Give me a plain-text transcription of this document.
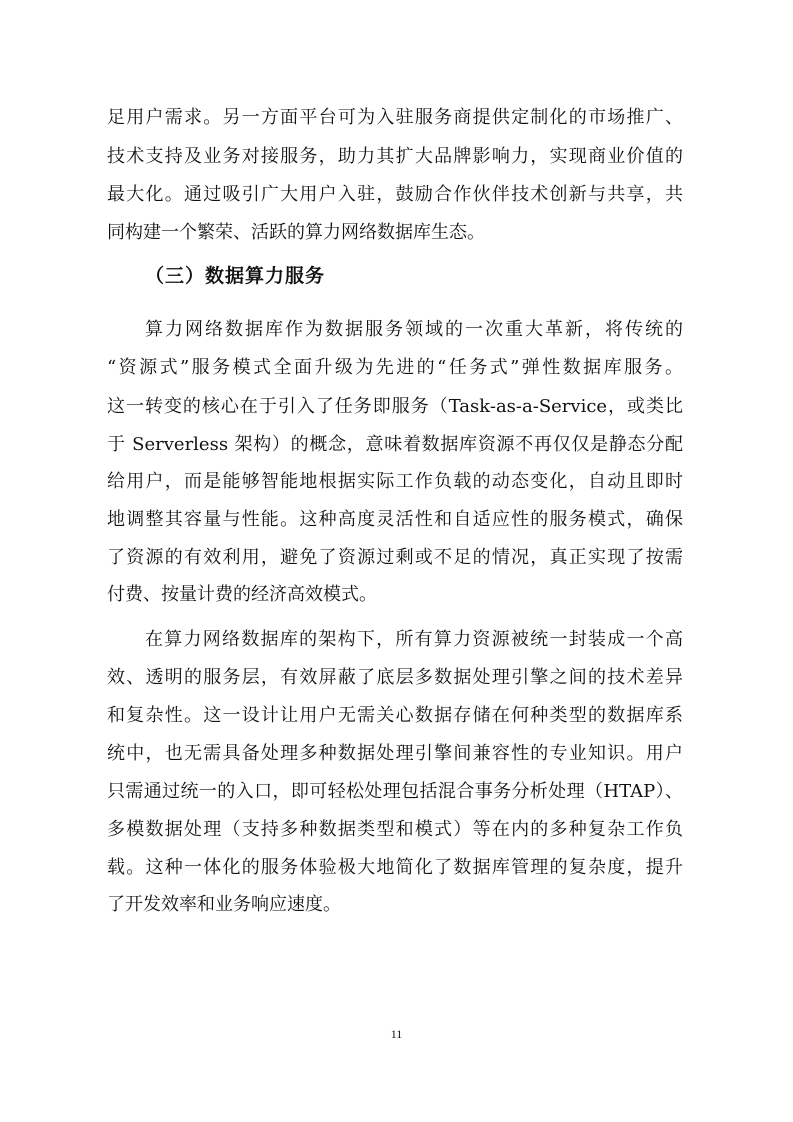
足用户需求。另一方面平台可为入驻服务商提供定制化的市场推广、
技术支持及业务对接服务，助力其扩大品牌影响力，实现商业价值的
最大化。通过吸引广大用户入驻，鼓励合作伙伴技术创新与共享，共
同构建一个繁荣、活跃的算力网络数据库生态。
（三）数据算力服务
算力网络数据库作为数据服务领域的一次重大革新，将传统的
“资源式”服务模式全面升级为先进的“任务式”弹性数据库服务。
这一转变的核心在于引入了任务即服务（Task-as-a-Service，或类比
于 Serverless 架构）的概念，意味着数据库资源不再仅仅是静态分配
给用户，而是能够智能地根据实际工作负载的动态变化，自动且即时
地调整其容量与性能。这种高度灵活性和自适应性的服务模式，确保
了资源的有效利用，避免了资源过剩或不足的情况，真正实现了按需
付费、按量计费的经济高效模式。
在算力网络数据库的架构下，所有算力资源被统一封装成一个高
效、透明的服务层，有效屏蔽了底层多数据处理引擎之间的技术差异
和复杂性。这一设计让用户无需关心数据存储在何种类型的数据库系
统中，也无需具备处理多种数据处理引擎间兼容性的专业知识。用户
只需通过统一的入口，即可轻松处理包括混合事务分析处理（HTAP）、
多模数据处理（支持多种数据类型和模式）等在内的多种复杂工作负
载。这种一体化的服务体验极大地简化了数据库管理的复杂度，提升
了开发效率和业务响应速度。
11
